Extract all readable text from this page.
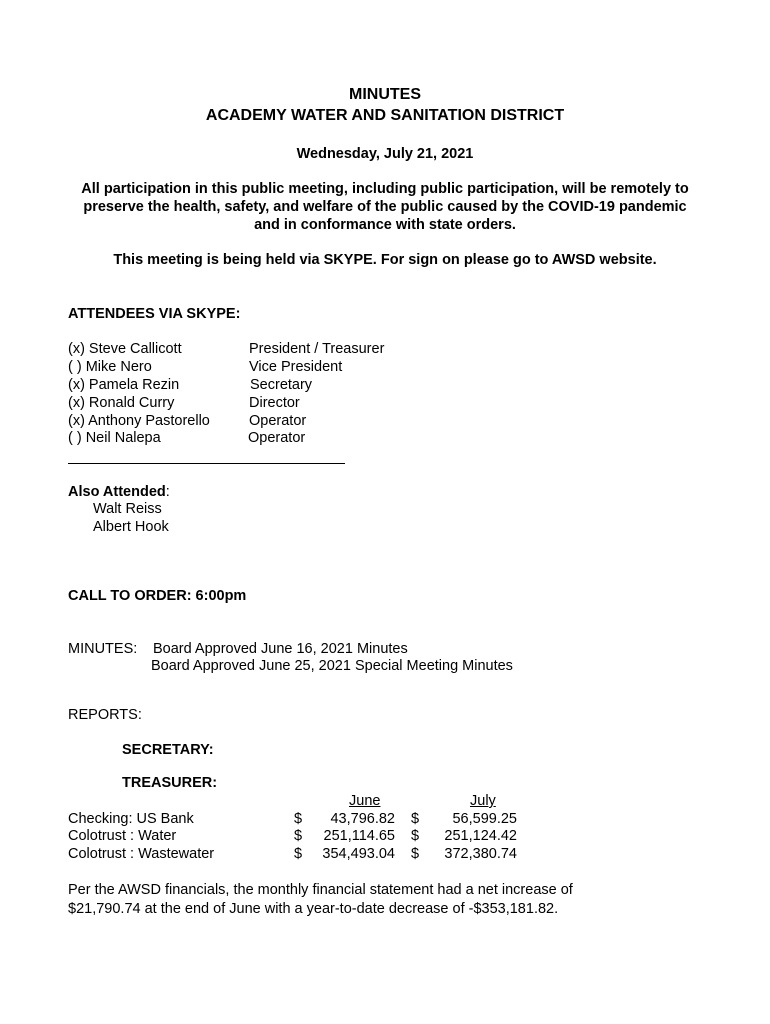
MINUTES
ACADEMY WATER AND SANITATION DISTRICT
Wednesday, July 21, 2021
All participation in this public meeting, including public participation, will be remotely to
preserve the health, safety, and welfare of the public caused by the COVID-19 pandemic
and in conformance with state orders.
This meeting is being held via SKYPE. For sign on please go to AWSD website.
ATTENDEES VIA SKYPE:
(x) Steve Callicott	President / Treasurer
( ) Mike Nero	Vice President
(x) Pamela Rezin	Secretary
(x) Ronald Curry	Director
(x) Anthony Pastorello	Operator
( ) Neil Nalepa	Operator
Also Attended:
Walt Reiss
Albert Hook
CALL TO ORDER: 6:00pm
MINUTES: Board Approved June 16, 2021 Minutes
Board Approved June 25, 2021 Special Meeting Minutes
REPORTS:
SECRETARY:
TREASURER:
June	July
Checking: US Bank	$	43,796.82 $	56,599.25
Colotrust : Water	$	251,114.65 $	251,124.42
Colotrust : Wastewater	$	354,493.04 $	372,380.74
Per the AWSD financials, the monthly financial statement had a net increase of
$21,790.74 at the end of June with a year-to-date decrease of -$353,181.82.
